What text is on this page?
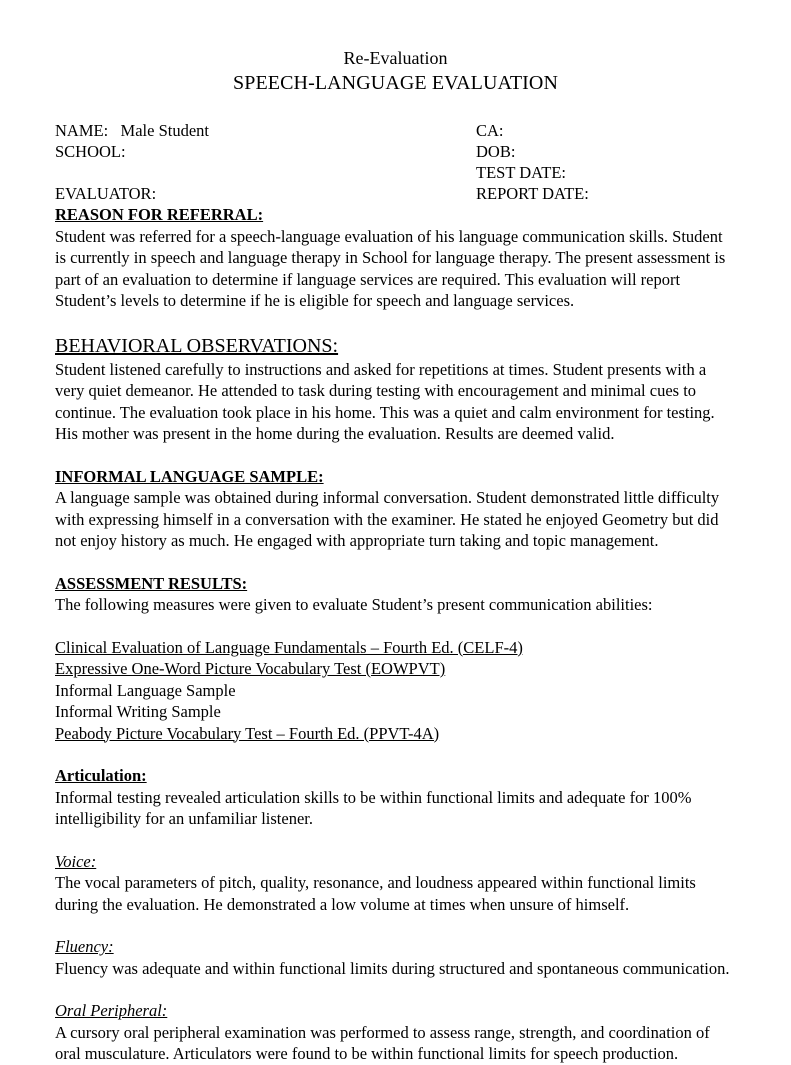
Re-Evaluation
SPEECH-LANGUAGE EVALUATION
NAME:   Male Student
SCHOOL:
EVALUATOR:
CA:
DOB:
TEST DATE:
REPORT DATE:
REASON FOR REFERRAL:

Student was referred for a speech-language evaluation of his language communication skills. Student is currently in speech and language therapy in School for language therapy. The present assessment is part of an evaluation to determine if language services are required. This evaluation will report Student’s levels to determine if he is eligible for speech and language services.

BEHAVIORAL OBSERVATIONS:

Student listened carefully to instructions and asked for repetitions at times. Student presents with a very quiet demeanor. He attended to task during testing with encouragement and minimal cues to continue. The evaluation took place in his home. This was a quiet and calm environment for testing. His mother was present in the home during the evaluation. Results are deemed valid.

INFORMAL LANGUAGE SAMPLE:

A language sample was obtained during informal conversation. Student demonstrated little difficulty with expressing himself in a conversation with the examiner. He stated he enjoyed Geometry but did not enjoy history as much. He engaged with appropriate turn taking and topic management.

ASSESSMENT RESULTS:

The following measures were given to evaluate Student’s present communication abilities:

Clinical Evaluation of Language Fundamentals – Fourth Ed. (CELF-4)
Expressive One-Word Picture Vocabulary Test (EOWPVT)
Informal Language Sample
Informal Writing Sample
Peabody Picture Vocabulary Test – Fourth Ed. (PPVT-4A)
Articulation:

Informal testing revealed articulation skills to be within functional limits and adequate for 100% intelligibility for an unfamiliar listener.

Voice:

The vocal parameters of pitch, quality, resonance, and loudness appeared within functional limits during the evaluation. He demonstrated a low volume at times when unsure of himself.

Fluency:

Fluency was adequate and within functional limits during structured and spontaneous communication.

Oral Peripheral:

A cursory oral peripheral examination was performed to assess range, strength, and coordination of oral musculature. Articulators were found to be within functional limits for speech production.
